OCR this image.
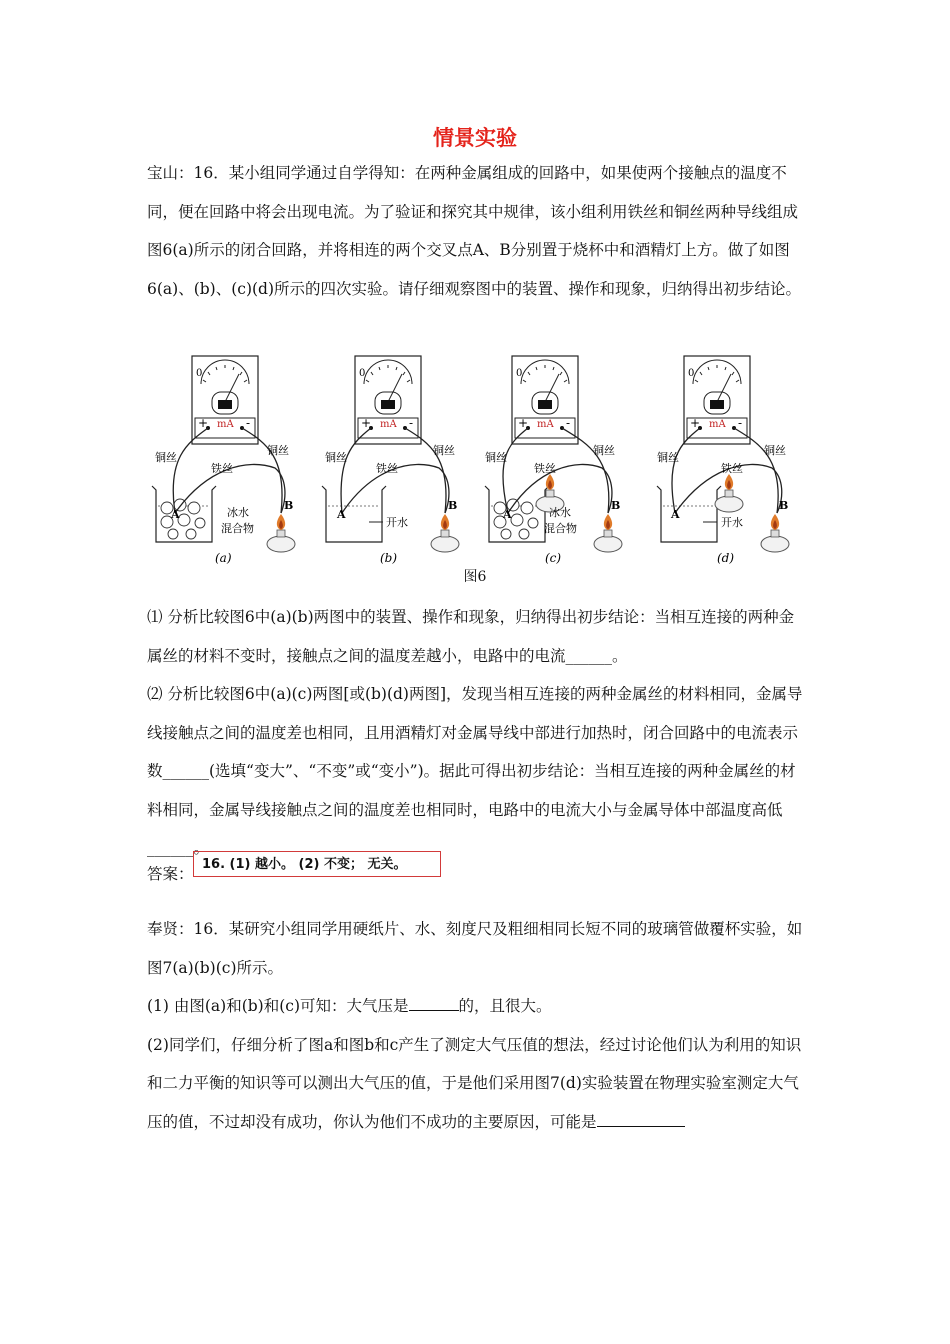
情景实验
宝山：16．某小组同学通过自学得知：在两种金属组成的回路中，如果使两个接触点的温度不同，便在回路中将会出现电流。为了验证和探究其中规律，该小组利用铁丝和铜丝两种导线组成图6(a)所示的闭合回路，并将相连的两个交叉点A、B分别置于烧杯中和酒精灯上方。做了如图6(a)、(b)、(c)(d)所示的四次实验。请仔细观察图中的装置、操作和现象，归纳得出初步结论。
0
+ mA -
铜丝
铜丝
铁丝
A
B
冰水
混合物
(a)
0
+ mA -
铜丝
铜丝
铁丝
A
B
开水
(b)
0
+ mA -
铜丝
铜丝
铁丝
A
B
冰水
混合物
(c)
0
+ mA -
铜丝
铜丝
铁丝
A
B
开水
(d)
图6
⑴ 分析比较图6中(a)(b)两图中的装置、操作和现象，归纳得出初步结论：当相互连接的两种金属丝的材料不变时，接触点之间的温度差越小，电路中的电流______。
⑵ 分析比较图6中(a)(c)两图[或(b)(d)两图]，发现当相互连接的两种金属丝的材料相同，金属导线接触点之间的温度差也相同，且用酒精灯对金属导线中部进行加热时，闭合回路中的电流表示数______(选填“变大”、“不变”或“变小”)。据此可得出初步结论：当相互连接的两种金属丝的材料相同，金属导线接触点之间的温度差也相同时，电路中的电流大小与金属导体中部温度高低______。
答案：
16. (1) 越小。 (2) 不变； 无关。
奉贤：16．某研究小组同学用硬纸片、水、刻度尺及粗细相同长短不同的玻璃管做覆杯实验，如图7(a)(b)(c)所示。
(1) 由图(a)和(b)和(c)可知：大气压是	的，且很大。
(2)同学们，仔细分析了图a和图b和c产生了测定大气压值的想法，经过讨论他们认为利用的知识和二力平衡的知识等可以测出大气压的值，于是他们采用图7(d)实验装置在物理实验室测定大气压的值，不过却没有成功，你认为他们不成功的主要原因，可能是
